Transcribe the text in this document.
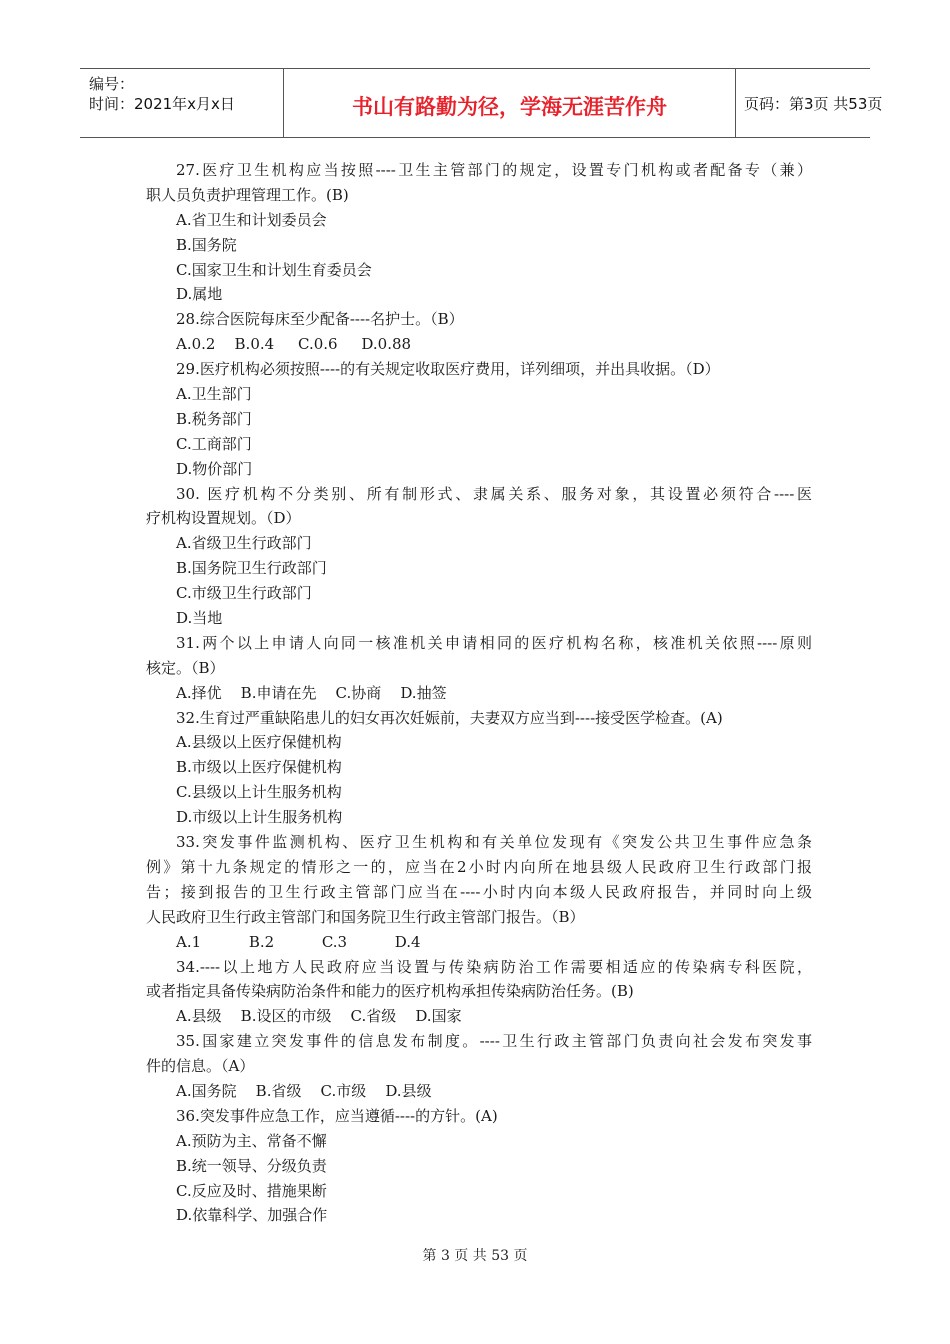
编号：
时间：2021年x月x日	书山有路勤为径，学海无涯苦作舟	页码：第3页 共53页
27.医疗卫生机构应当按照----卫生主管部门的规定，设置专门机构或者配备专（兼）
职人员负责护理管理工作。(B)
A.省卫生和计划委员会
B.国务院
C.国家卫生和计划生育委员会
D.属地
28.综合医院每床至少配备----名护士。（B）
A.0.2    B.0.4     C.0.6     D.0.88
29.医疗机构必须按照----的有关规定收取医疗费用，详列细项，并出具收据。（D）
A.卫生部门
B.税务部门
C.工商部门
D.物价部门
30. 医疗机构不分类别、所有制形式、隶属关系、服务对象，其设置必须符合----医
疗机构设置规划。（D）
A.省级卫生行政部门
B.国务院卫生行政部门
C.市级卫生行政部门
D.当地
31.两个以上申请人向同一核准机关申请相同的医疗机构名称，核准机关依照----原则
核定。（B）
A.择优    B.申请在先    C.协商    D.抽签
32.生育过严重缺陷患儿的妇女再次妊娠前，夫妻双方应当到----接受医学检查。(A)
A.县级以上医疗保健机构
B.市级以上医疗保健机构
C.县级以上计生服务机构
D.市级以上计生服务机构
33.突发事件监测机构、医疗卫生机构和有关单位发现有《突发公共卫生事件应急条
例》第十九条规定的情形之一的，应当在2小时内向所在地县级人民政府卫生行政部门报
告；接到报告的卫生行政主管部门应当在----小时内向本级人民政府报告，并同时向上级
人民政府卫生行政主管部门和国务院卫生行政主管部门报告。（B）
A.1          B.2          C.3          D.4
34.----以上地方人民政府应当设置与传染病防治工作需要相适应的传染病专科医院，
或者指定具备传染病防治条件和能力的医疗机构承担传染病防治任务。(B)
A.县级    B.设区的市级    C.省级    D.国家
35.国家建立突发事件的信息发布制度。----卫生行政主管部门负责向社会发布突发事
件的信息。（A）
A.国务院    B.省级    C.市级    D.县级
36.突发事件应急工作，应当遵循----的方针。(A)
A.预防为主、常备不懈
B.统一领导、分级负责
C.反应及时、措施果断
D.依靠科学、加强合作
第 3 页 共 53 页
